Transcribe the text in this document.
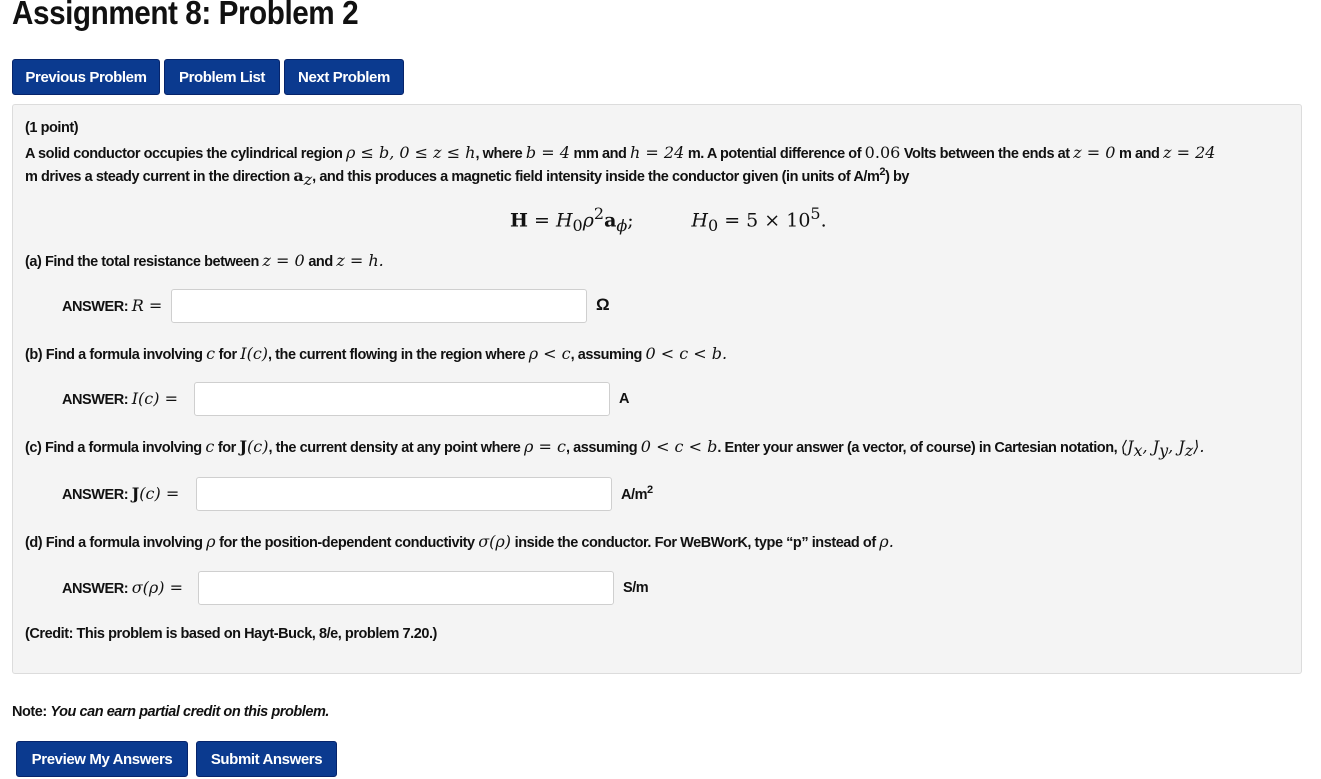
Assignment 8: Problem 2
Previous Problem	Problem List	Next Problem
(1 point)
A solid conductor occupies the cylindrical region ρ ≤ b, 0 ≤ z ≤ h, where b = 4 mm and h = 24 m. A potential difference of 0.06 Volts between the ends at z = 0 m and z = 24
m drives a steady current in the direction $a_z$, and this produces a magnetic field intensity inside the conductor given (in units of $A/m^2$) by
$H = H_0\rho^2a_\phi$;	$H_0 = 5 \times 10^5$.
(a) Find the total resistance between z = 0 and z = h.
ANSWER: R =	Ω
(b) Find a formula involving c for I(c), the current flowing in the region where ρ < c, assuming 0 < c < b.
ANSWER: I(c) =	A
(c) Find a formula involving c for J(c), the current density at any point where ρ = c, assuming 0 < c < b. Enter your answer (a vector, of course) in Cartesian notation, $⟨J_x$, $J_y$, $J_z⟩$.
ANSWER: J(c) =	$A/m^2$
(d) Find a formula involving ρ for the position-dependent conductivity σ(ρ) inside the conductor. For WeBWorK, type “p” instead of ρ.
ANSWER: σ(ρ) =	S/m
(Credit: This problem is based on Hayt-Buck, 8/e, problem 7.20.)
Note: You can earn partial credit on this problem.
Preview My Answers	Submit Answers
